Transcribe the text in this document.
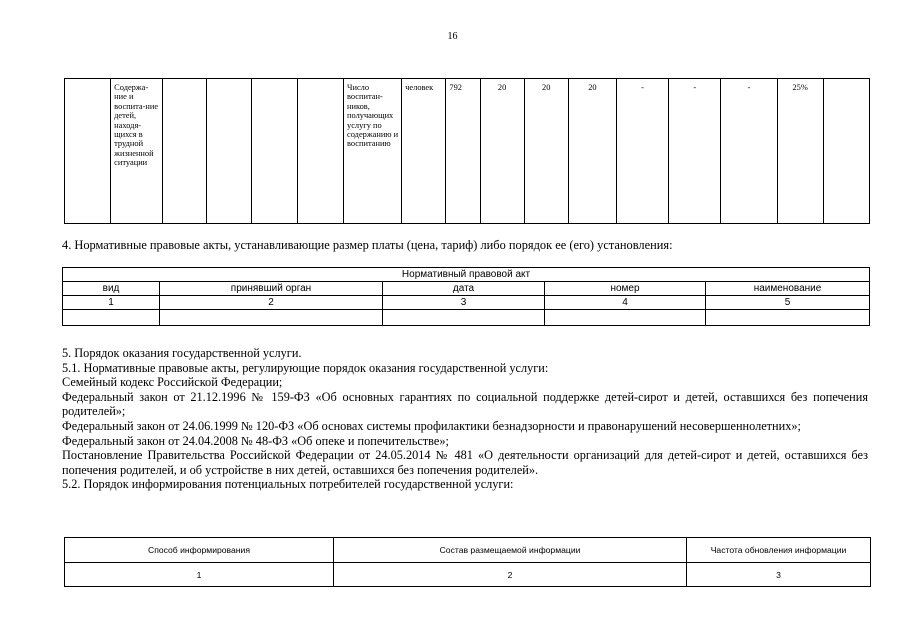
16
	Содержа-ние и воспита-ние детей, находя-щихся в трудной жизненной ситуации					Число воспитан-ников, получающих услугу по содержанию и воспитанию	человек	792	20	20	20	-	-	-	25%	
4. Нормативные правовые акты, устанавливающие размер платы (цена, тариф) либо порядок ее (его) установления:
Нормативный правовой акт				
вид	принявший орган	дата	номер	наименование
1	2	3	4	5

5. Порядок оказания государственной услуги.

5.1. Нормативные правовые акты, регулирующие порядок оказания государственной услуги:

Семейный кодекс Российской Федерации;

Федеральный закон от 21.12.1996 № 159-ФЗ «Об основных гарантиях по социальной поддержке детей-сирот и детей, оставшихся без попечения родителей»;

Федеральный закон от 24.06.1999 № 120-ФЗ «Об основах системы профилактики безнадзорности и правонарушений несовершеннолетних»;

Федеральный закон от 24.04.2008 № 48-ФЗ «Об опеке и попечительстве»;

Постановление Правительства Российской Федерации от 24.05.2014 № 481 «О деятельности организаций для детей-сирот и детей, оставшихся без попечения родителей, и об устройстве в них детей, оставшихся без попечения родителей».

5.2. Порядок информирования потенциальных потребителей государственной услуги:

Способ информирования	Состав размещаемой информации	Частота обновления информации
1	2	3
